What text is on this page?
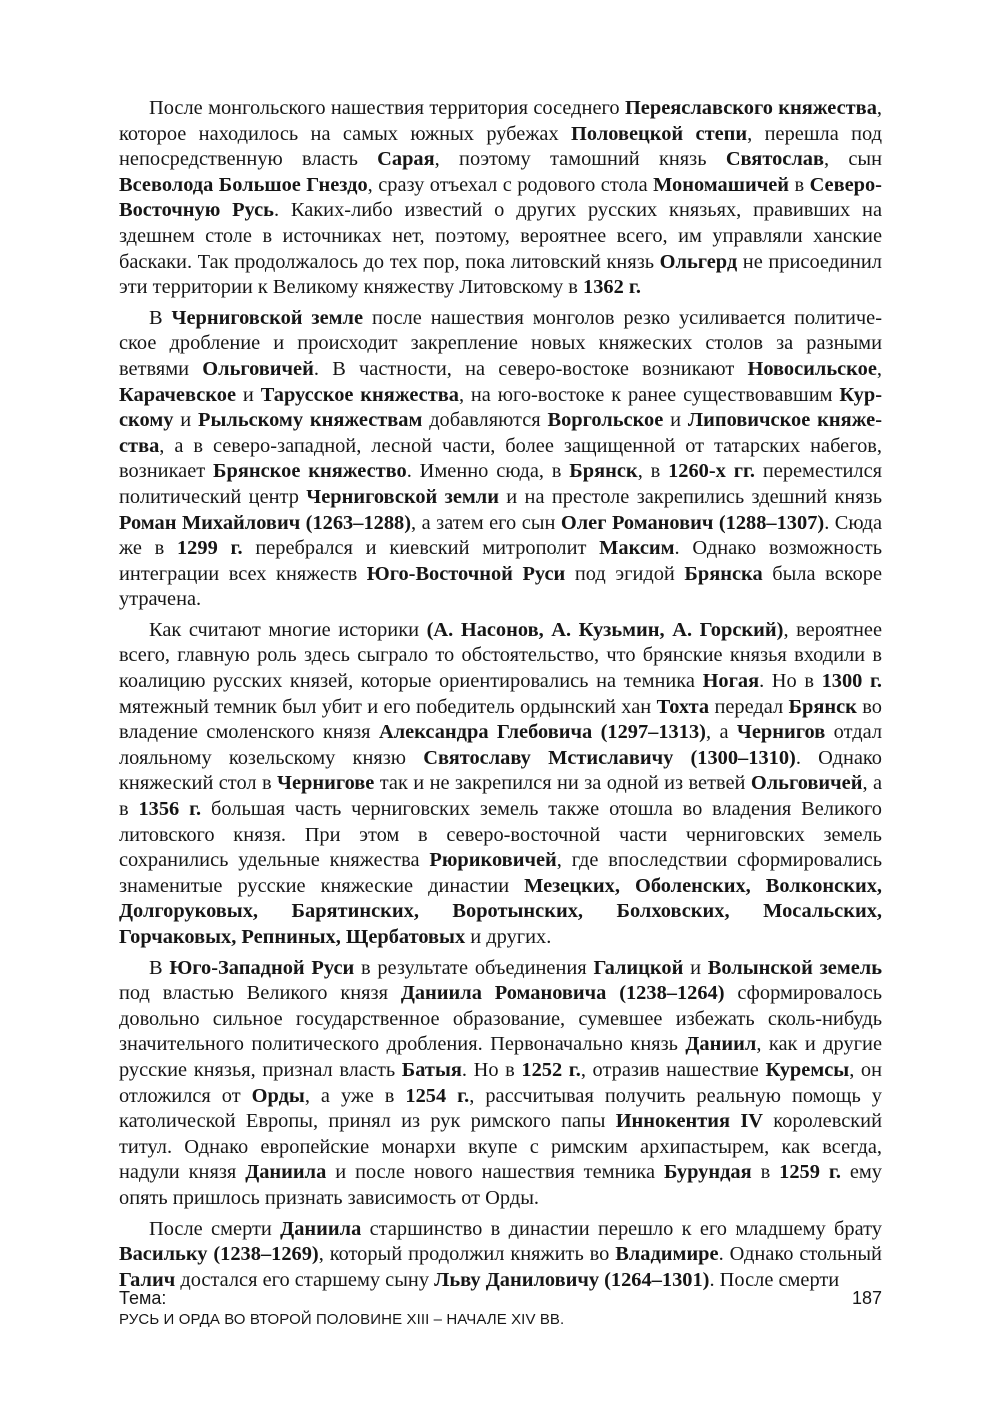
После монгольского нашествия территория соседнего Переяславского княжества, которое находилось на самых южных рубежах Половецкой степи, перешла под непосредственную власть Сарая, поэтому тамошний князь Святослав, сын Всеволода Большое Гнездо, сразу отъехал с родового стола Мономашичей в Северо-Восточную Русь. Каких-либо известий о других русских князьях, правивших на здешнем столе в источниках нет, поэтому, вероятнее всего, им управляли ханские баскаки. Так продолжалось до тех пор, пока литовский князь Ольгерд не присоединил эти территории к Великому княжеству Литовскому в 1362 г.

В Черниговской земле после нашествия монголов резко усиливается политическое дробление и происходит закрепление новых княжеских столов за разными ветвями Ольговичей. В частности, на северо-востоке возникают Новосильское, Карачевское и Тарусское княжества, на юго-востоке к ранее существовавшим Курскому и Рыльскому княжествам добавляются Воргольское и Липовичское княжества, а в северо-западной, лесной части, более защищенной от татарских набегов, возникает Брянское княжество. Именно сюда, в Брянск, в 1260-х гг. переместился политический центр Черниговской земли и на престоле закрепились здешний князь Роман Михайлович (1263–1288), а затем его сын Олег Романович (1288–1307). Сюда же в 1299 г. перебрался и киевский митрополит Максим. Однако возможность интеграции всех княжеств Юго-Восточной Руси под эгидой Брянска была вскоре утрачена.

Как считают многие историки (А. Насонов, А. Кузьмин, А. Горский), вероятнее всего, главную роль здесь сыграло то обстоятельство, что брянские князья входили в коалицию русских князей, которые ориентировались на темника Ногая. Но в 1300 г. мятежный темник был убит и его победитель ордынский хан Тохта передал Брянск во владение смоленского князя Александра Глебовича (1297–1313), а Чернигов отдал лояльному козельскому князю Святославу Мстиславичу (1300–1310). Однако княжеский стол в Чернигове так и не закрепился ни за одной из ветвей Ольговичей, а в 1356 г. большая часть черниговских земель также отошла во владения Великого литовского князя. При этом в северо-восточной части черниговских земель сохранились удельные княжества Рюриковичей, где впоследствии сформировались знаменитые русские княжеские династии Мезецких, Оболенских, Волконских, Долгоруковых, Барятинских, Воротынских, Болховских, Мосальских, Горчаковых, Репниных, Щербатовых и других.

В Юго-Западной Руси в результате объединения Галицкой и Волынской земель под властью Великого князя Даниила Романовича (1238–1264) сформировалось довольно сильное государственное образование, сумевшее избежать сколь-нибудь значительного политического дробления. Первоначально князь Даниил, как и другие русские князья, признал власть Батыя. Но в 1252 г., отразив нашествие Куремсы, он отложился от Орды, а уже в 1254 г., рассчитывая получить реальную помощь у католической Европы, принял из рук римского папы Иннокентия IV королевский титул. Однако европейские монархи вкупе с римским архипастырем, как всегда, надули князя Даниила и после нового нашествия темника Бурундая в 1259 г. ему опять пришлось признать зависимость от Орды.

После смерти Даниила старшинство в династии перешло к его младшему брату Васильку (1238–1269), который продолжил княжить во Владимире. Однако стольный Галич достался его старшему сыну Льву Даниловичу (1264–1301). После смерти

Тема:
РУСЬ И ОРДА ВО ВТОРОЙ ПОЛОВИНЕ XIII – НАЧАЛЕ XIV ВВ.
187
